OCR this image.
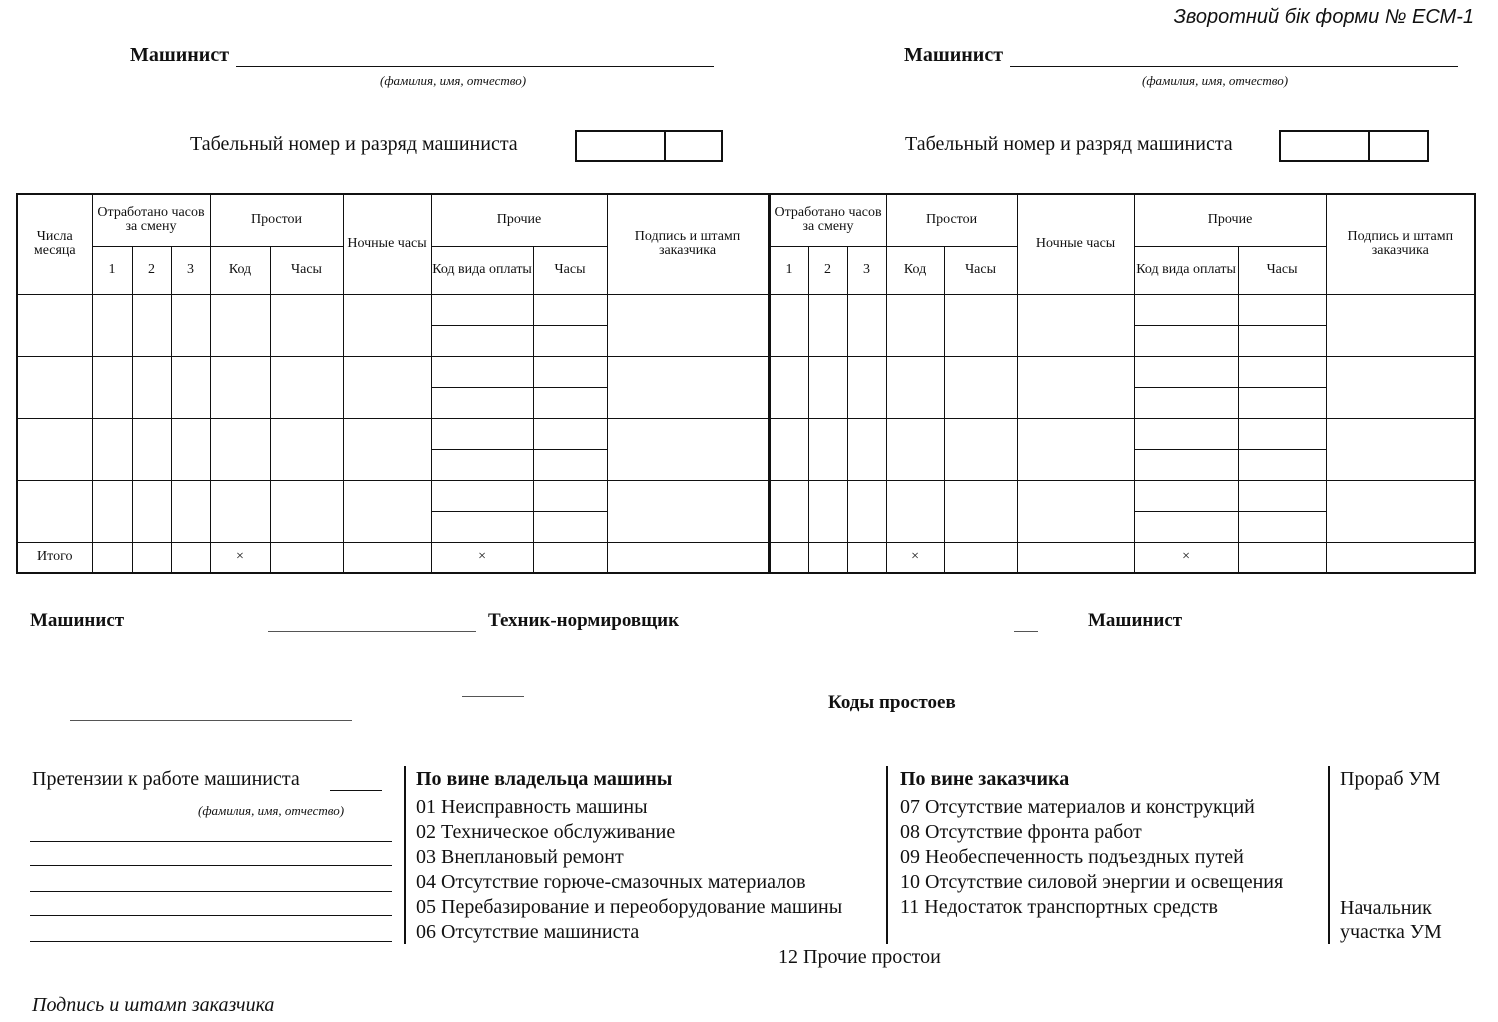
Зворотний бік форми № ЕСМ-1
Машинист
(фамилия, имя, отчество)
Машинист
(фамилия, имя, отчество)
Табельный номер и разряд машиниста	Табельный номер и разряд машиниста
Числа месяца	Отработано часов за смену			Простои		Ночные часы	Прочие		Подпись и штамп заказчика	Отработано часов за смену			Простои		Ночные часы	Прочие		Подпись и штамп заказчика
	1	2	3	Код	Часы		Код вида оплаты	Часы		1	2	3	Код	Часы		Код вида оплаты	Часы	

Итого				×			×						×			×		
Машинист	Техник-нормировщик	Машинист
Коды простоев
Претензии к работе машиниста
(фамилия, имя, отчество)
По вине владельца машины
01 Неисправность машины
02 Техническое обслуживание
03 Внеплановый ремонт
04 Отсутствие горюче-смазочных материалов
05 Перебазирование и переоборудование машины
06 Отсутствие машиниста
По вине заказчика
07 Отсутствие материалов и конструкций
08 Отсутствие фронта работ
09 Необеспеченность подъездных путей
10 Отсутствие силовой энергии и освещения
11 Недостаток транспортных средств
Прораб УМ
Начальник
участка УМ
12 Прочие простои
Подпись и штамп заказчика
